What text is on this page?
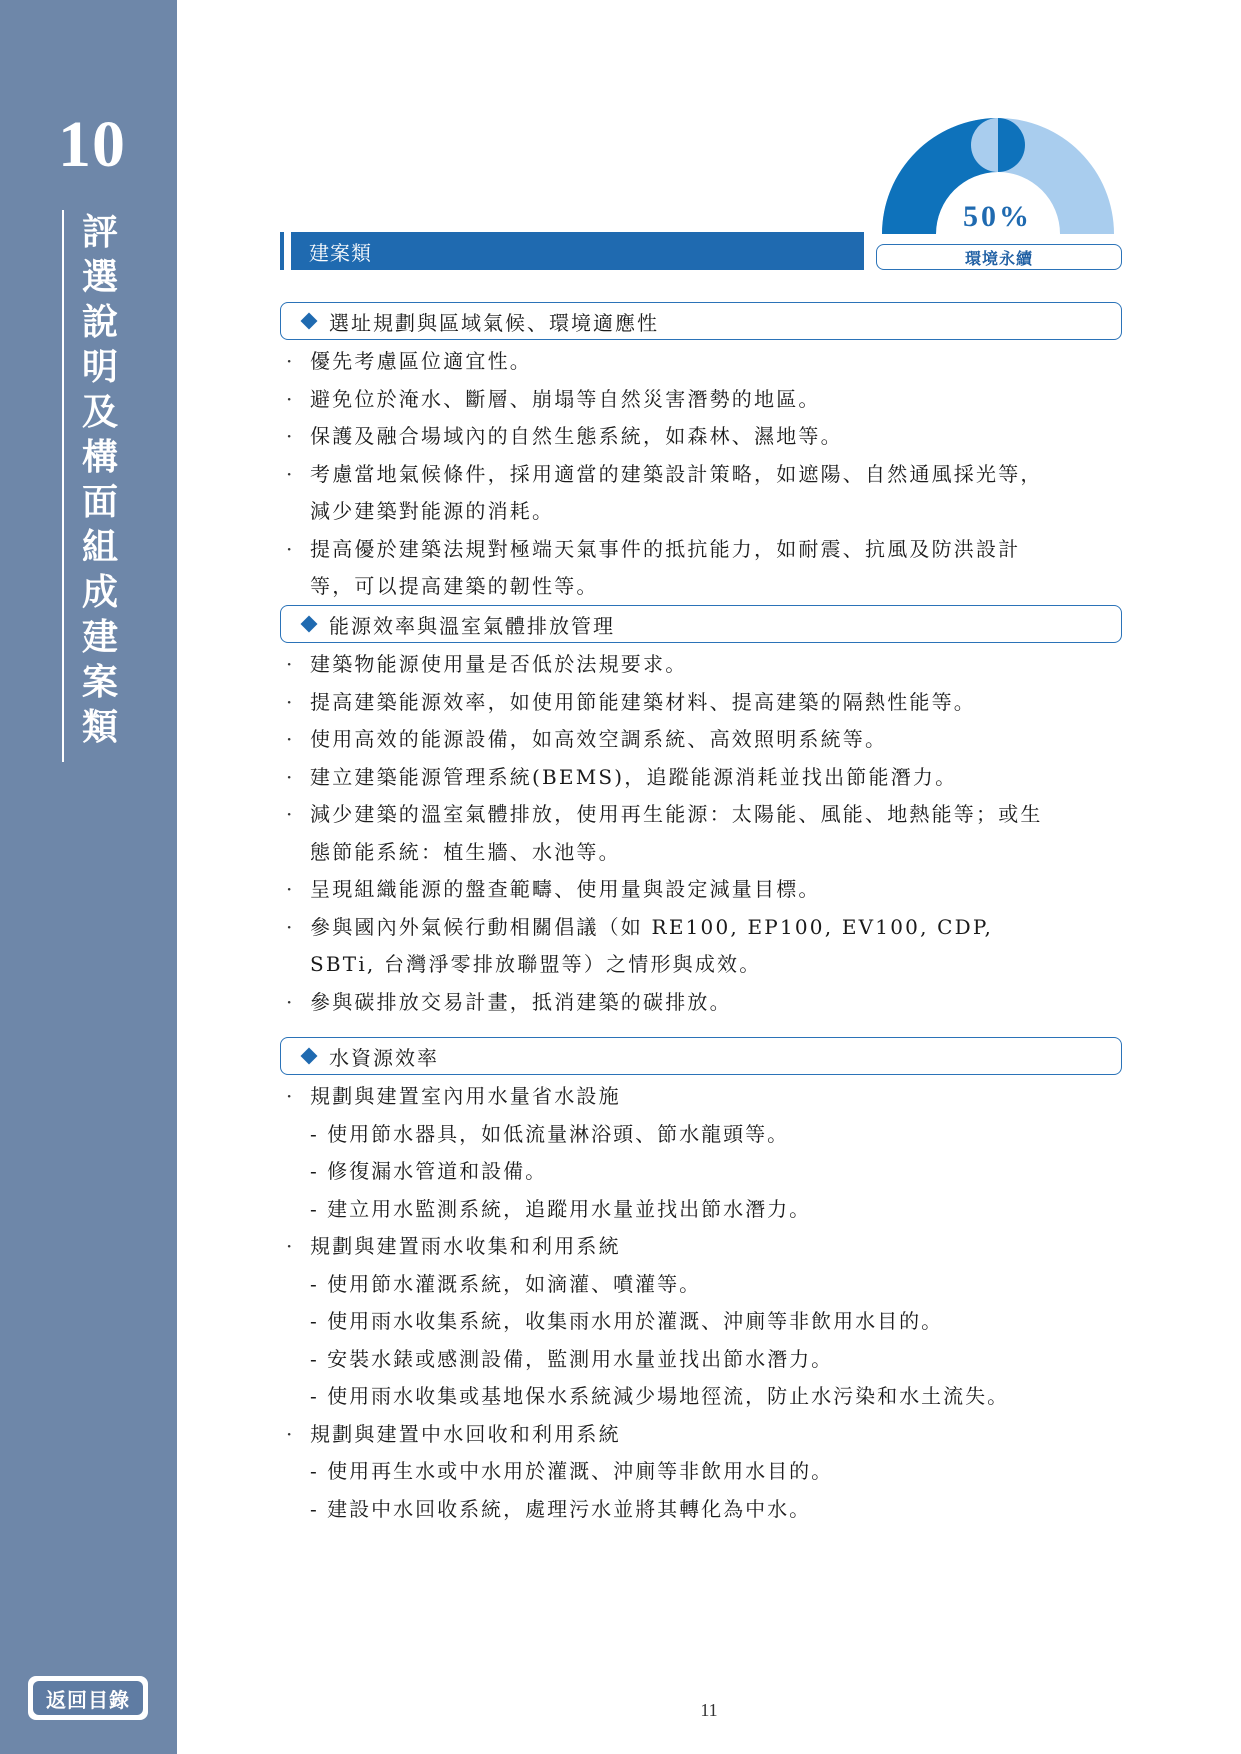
10
評選說明及構面組成 建案類
返回目錄
50%
環境永續
建案類
選址規劃與區域氣候、環境適應性
· 優先考慮區位適宜性。
· 避免位於淹水、斷層、崩塌等自然災害潛勢的地區。
· 保護及融合場域內的自然生態系統，如森林、濕地等。
· 考慮當地氣候條件，採用適當的建築設計策略，如遮陽、自然通風採光等，減少建築對能源的消耗。
· 提高優於建築法規對極端天氣事件的抵抗能力，如耐震、抗風及防洪設計等，可以提高建築的韌性等。
能源效率與溫室氣體排放管理
· 建築物能源使用量是否低於法規要求。
· 提高建築能源效率，如使用節能建築材料、提高建築的隔熱性能等。
· 使用高效的能源設備，如高效空調系統、高效照明系統等。
· 建立建築能源管理系統(BEMS)，追蹤能源消耗並找出節能潛力。
· 減少建築的溫室氣體排放，使用再生能源：太陽能、風能、地熱能等；或生態節能系統：植生牆、水池等。
· 呈現組織能源的盤查範疇、使用量與設定減量目標。
· 參與國內外氣候行動相關倡議（如 RE100, EP100, EV100, CDP, SBTi, 台灣淨零排放聯盟等）之情形與成效。
· 參與碳排放交易計畫，抵消建築的碳排放。
水資源效率
· 規劃與建置室內用水量省水設施
- 使用節水器具，如低流量淋浴頭、節水龍頭等。
- 修復漏水管道和設備。
- 建立用水監測系統，追蹤用水量並找出節水潛力。
· 規劃與建置雨水收集和利用系統
- 使用節水灌溉系統，如滴灌、噴灌等。
- 使用雨水收集系統，收集雨水用於灌溉、沖廁等非飲用水目的。
- 安裝水錶或感測設備，監測用水量並找出節水潛力。
- 使用雨水收集或基地保水系統減少場地徑流，防止水污染和水土流失。
· 規劃與建置中水回收和利用系統
- 使用再生水或中水用於灌溉、沖廁等非飲用水目的。
- 建設中水回收系統，處理污水並將其轉化為中水。
11
